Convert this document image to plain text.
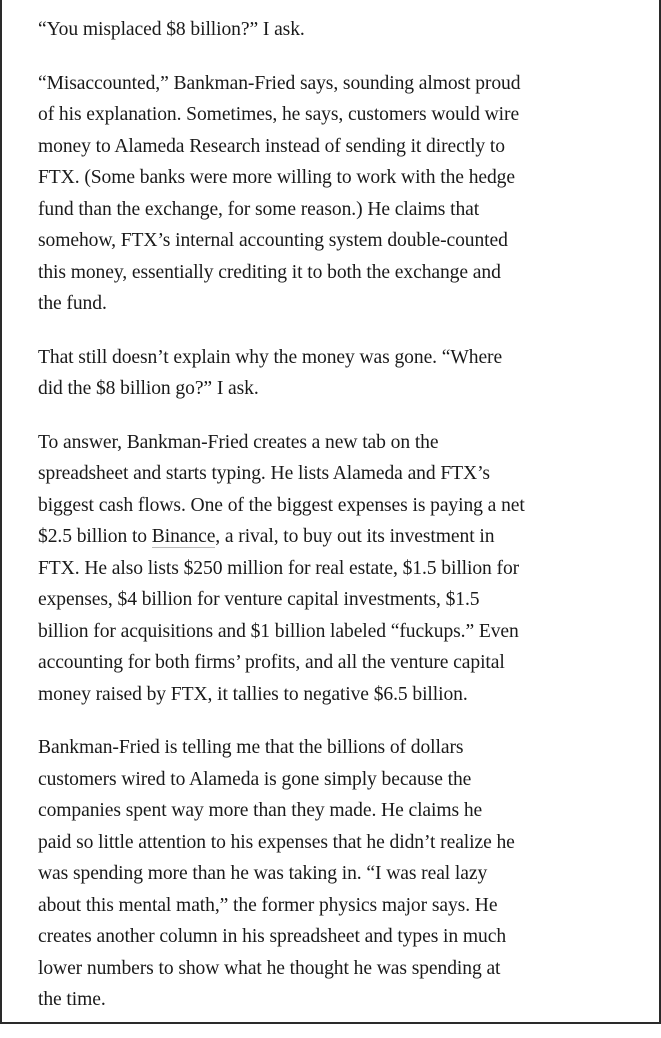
“You misplaced $8 billion?” I ask.

“Misaccounted,” Bankman-Fried says, sounding almost proud
of his explanation. Sometimes, he says, customers would wire
money to Alameda Research instead of sending it directly to
FTX. (Some banks were more willing to work with the hedge
fund than the exchange, for some reason.) He claims that
somehow, FTX’s internal accounting system double-counted
this money, essentially crediting it to both the exchange and
the fund.

That still doesn’t explain why the money was gone. “Where
did the $8 billion go?” I ask.

To answer, Bankman-Fried creates a new tab on the
spreadsheet and starts typing. He lists Alameda and FTX’s
biggest cash flows. One of the biggest expenses is paying a net
$2.5 billion to Binance, a rival, to buy out its investment in
FTX. He also lists $250 million for real estate, $1.5 billion for
expenses, $4 billion for venture capital investments, $1.5
billion for acquisitions and $1 billion labeled “fuckups.” Even
accounting for both firms’ profits, and all the venture capital
money raised by FTX, it tallies to negative $6.5 billion.

Bankman-Fried is telling me that the billions of dollars
customers wired to Alameda is gone simply because the
companies spent way more than they made. He claims he
paid so little attention to his expenses that he didn’t realize he
was spending more than he was taking in. “I was real lazy
about this mental math,” the former physics major says. He
creates another column in his spreadsheet and types in much
lower numbers to show what he thought he was spending at
the time.
